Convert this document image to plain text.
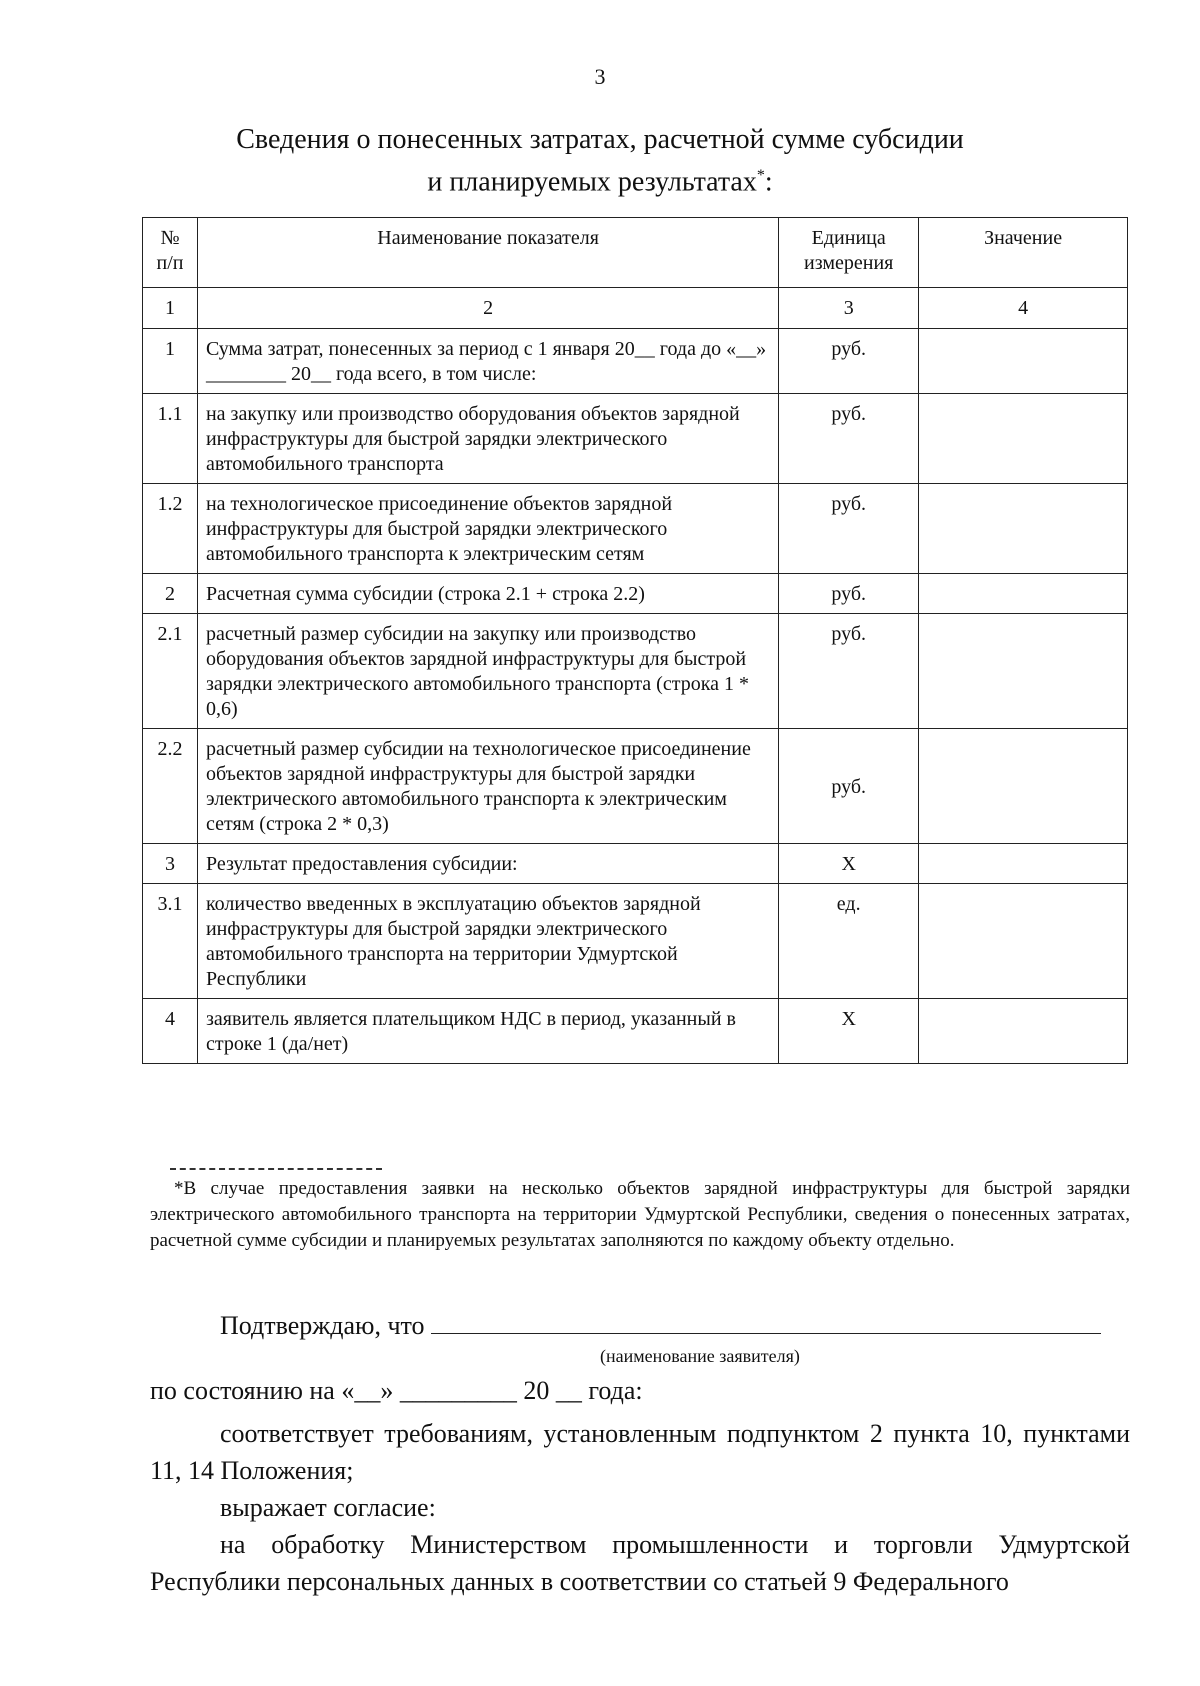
3
Сведения о понесенных затратах, расчетной сумме субсидии
и планируемых результатах*:
№ п/п	Наименование показателя	Единица измерения	Значение
1	2	3	4
1	Сумма затрат, понесенных за период с 1 января 20__ года до «__» ________ 20__ года всего, в том числе:	руб.	
1.1	на закупку или производство оборудования объектов зарядной инфраструктуры для быстрой зарядки электрического автомобильного транспорта	руб.	
1.2	на технологическое присоединение объектов зарядной инфраструктуры для быстрой зарядки электрического автомобильного транспорта к электрическим сетям	руб.	
2	Расчетная сумма субсидии (строка 2.1 + строка 2.2)	руб.	
2.1	расчетный размер субсидии на закупку или производство оборудования объектов зарядной инфраструктуры для быстрой зарядки электрического автомобильного транспорта (строка 1 * 0,6)	руб.	
2.2	расчетный размер субсидии на технологическое присоединение объектов зарядной инфраструктуры для быстрой зарядки электрического автомобильного транспорта к электрическим сетям (строка 2 * 0,3)	руб.	
3	Результат предоставления субсидии:	Х	
3.1	количество введенных в эксплуатацию объектов зарядной инфраструктуры для быстрой зарядки электрического автомобильного транспорта на территории Удмуртской Республики	ед.	
4	заявитель является плательщиком НДС в период, указанный в строке 1 (да/нет)	Х	
*В случае предоставления заявки на несколько объектов зарядной инфраструктуры для быстрой зарядки электрического автомобильного транспорта на территории Удмуртской Республики, сведения о понесенных затратах, расчетной сумме субсидии и планируемых результатах заполняются по каждому объекту отдельно.
Подтверждаю, что
(наименование заявителя)
по состоянию на «__» _________ 20 __ года:
соответствует требованиям, установленным подпунктом 2 пункта 10, пунктами 11, 14 Положения;
выражает согласие:
на обработку Министерством промышленности и торговли Удмуртской Республики персональных данных в соответствии со статьей 9 Федерального
